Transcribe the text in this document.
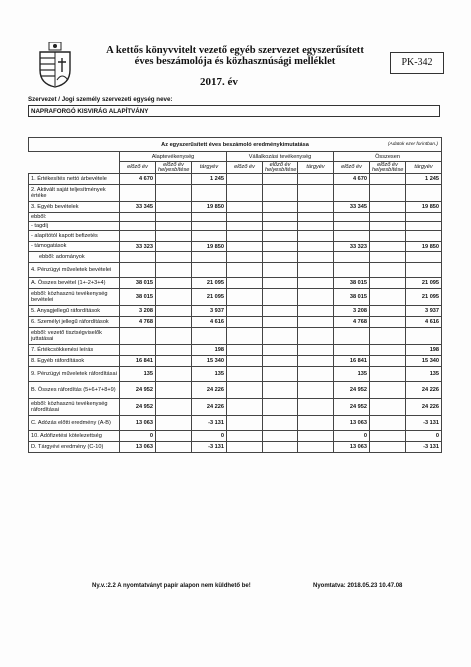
A kettős könyvvitelt vezető egyéb szervezet egyszerűsített
éves beszámolója és közhasznúsági melléklet
2017. év
PK-342
Szervezet / Jogi személy szervezeti egység neve:
NAPRAFORGÓ KISVIRÁG ALAPÍTVÁNY
Az egyszerűsített éves beszámoló eredménykimutatása (Adatok ezer forintban.)									

	Alaptevékenység			Vállalkozási tevékenység			Összesen		
	előző év	előző év helyesbítése	tárgyév	előző év	előző év helyesbítése	tárgyév	előző év	előző év helyesbítése	tárgyév
1. Értékesítés nettó árbevétele	4 670		1 245				4 670		1 245
2. Aktivált saját teljesítmények értéke									
3. Egyéb bevételek	33 345		19 850				33 345		19 850
ebből:									
- tagdíj									
- alapítótól kapott befizetés									
- támogatások	33 323		19 850				33 323		19 850
ebből: adományok									
4. Pénzügyi műveletek bevételei									
A. Összes bevétel (1+-2+3+4)	38 015		21 095				38 015		21 095
ebből: közhasznú tevékenység bevételei	38 015		21 095				38 015		21 095
5. Anyagjellegű ráfordítások	3 208		3 937				3 208		3 937
6. Személyi jellegű ráfordítások	4 768		4 616				4 768		4 616
ebből: vezető tisztségviselők juttatásai									
7. Értékcsökkenési leírás			198						198
8. Egyéb ráfordítások	16 841		15 340				16 841		15 340
9. Pénzügyi műveletek ráfordításai	135		135				135		135
B. Összes ráfordítás (5+6+7+8+9)	24 952		24 226				24 952		24 226
ebből: közhasznú tevékenység ráfordításai	24 952		24 226				24 952		24 226
C. Adózás előtti eredmény (A-B)	13 063		-3 131				13 063		-3 131
10. Adófizetési kötelezettség	0		0				0		0
D. Tárgyévi eredmény (C-10)	13 063		-3 131				13 063		-3 131
Ny.v.:2.2 A nyomtatványt papír alapon nem küldhető be!	Nyomtatva: 2018.05.23 10.47.08
